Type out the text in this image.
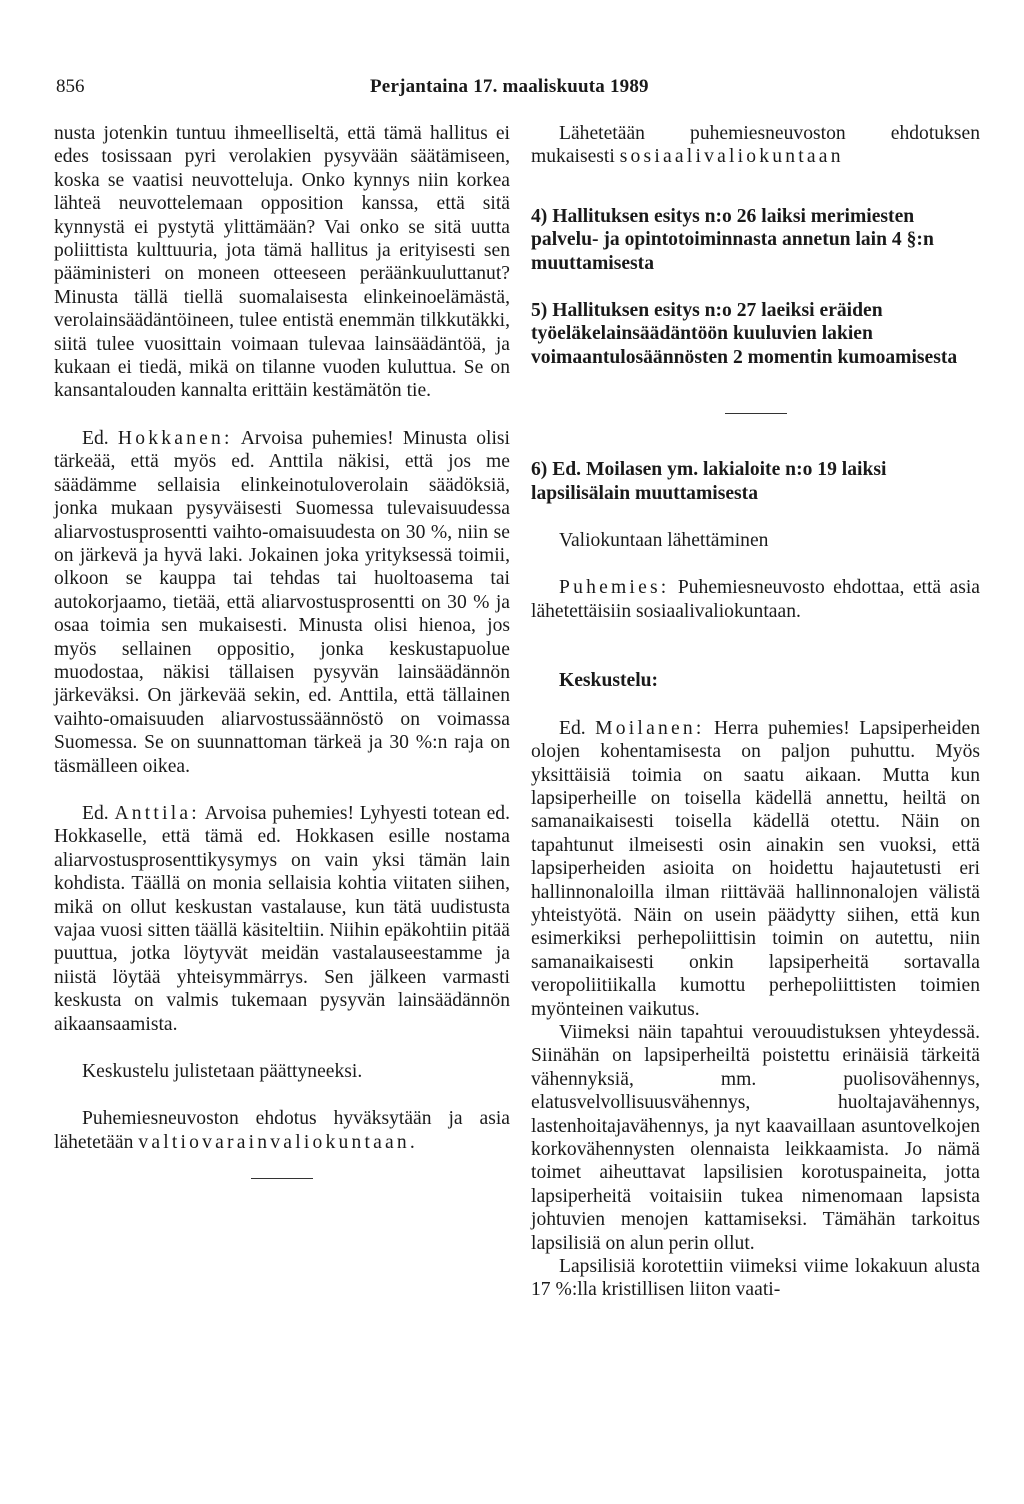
856	Perjantaina 17. maaliskuuta 1989

nusta jotenkin tuntuu ihmeelliseltä, että tämä hallitus ei edes tosissaan pyri verolakien pysyvään säätämiseen, koska se vaatisi neuvotteluja. Onko kynnys niin korkea lähteä neuvottelemaan opposition kanssa, että sitä kynnystä ei pystytä ylittämään? Vai onko se sitä uutta poliittista kulttuuria, jota tämä hallitus ja erityisesti sen pääministeri on moneen otteeseen peräänkuuluttanut? Minusta tällä tiellä suomalaisesta elinkeinoelämästä, verolainsäädäntöineen, tulee entistä enemmän tilkkutäkki, siitä tulee vuosittain voimaan tulevaa lainsäädäntöä, ja kukaan ei tiedä, mikä on tilanne vuoden kuluttua. Se on kansantalouden kannalta erittäin kestämätön tie.

Ed. Hokkanen: Arvoisa puhemies! Minusta olisi tärkeää, että myös ed. Anttila näkisi, että jos me säädämme sellaisia elinkeinotuloverolain säädöksiä, jonka mukaan pysyväisesti Suomessa tulevaisuudessa aliarvostusprosentti vaihto-omaisuudesta on 30 %, niin se on järkevä ja hyvä laki. Jokainen joka yrityksessä toimii, olkoon se kauppa tai tehdas tai huoltoasema tai autokorjaamo, tietää, että aliarvostusprosentti on 30 % ja osaa toimia sen mukaisesti. Minusta olisi hienoa, jos myös sellainen oppositio, jonka keskustapuolue muodostaa, näkisi tällaisen pysyvän lainsäädännön järkeväksi. On järkevää sekin, ed. Anttila, että tällainen vaihto-omaisuuden aliarvostussäännöstö on voimassa Suomessa. Se on suunnattoman tärkeä ja 30 %:n raja on täsmälleen oikea.

Ed. Anttila: Arvoisa puhemies! Lyhyesti totean ed. Hokkaselle, että tämä ed. Hokkasen esille nostama aliarvostusprosenttikysymys on vain yksi tämän lain kohdista. Täällä on monia sellaisia kohtia viitaten siihen, mikä on ollut keskustan vastalause, kun tätä uudistusta vajaa vuosi sitten täällä käsiteltiin. Niihin epäkohtiin pitää puuttua, jotka löytyvät meidän vastalauseestamme ja niistä löytää yhteisymmärrys. Sen jälkeen varmasti keskusta on valmis tukemaan pysyvän lainsäädännön aikaansaamista.

Keskustelu julistetaan päättyneeksi.

Puhemiesneuvoston ehdotus hyväksytään ja asia lähetetään valtiovarainvaliokuntaan.

Lähetetään puhemiesneuvoston ehdotuksen mukaisesti sosiaalivaliokuntaan

4) Hallituksen esitys n:o 26 laiksi merimiesten palvelu- ja opintotoiminnasta annetun lain 4 §:n muuttamisesta

5) Hallituksen esitys n:o 27 laeiksi eräiden työeläkelainsäädäntöön kuuluvien lakien voimaantulosäännösten 2 momentin kumoamisesta

6) Ed. Moilasen ym. lakialoite n:o 19 laiksi lapsilisälain muuttamisesta

Valiokuntaan lähettäminen

Puhemies: Puhemiesneuvosto ehdottaa, että asia lähetettäisiin sosiaalivaliokuntaan.

Keskustelu:

Ed. Moilanen: Herra puhemies! Lapsiperheiden olojen kohentamisesta on paljon puhuttu. Myös yksittäisiä toimia on saatu aikaan. Mutta kun lapsiperheille on toisella kädellä annettu, heiltä on samanaikaisesti toisella kädellä otettu. Näin on tapahtunut ilmeisesti osin ainakin sen vuoksi, että lapsiperheiden asioita on hoidettu hajautetusti eri hallinnonaloilla ilman riittävää hallinnonalojen välistä yhteistyötä. Näin on usein päädytty siihen, että kun esimerkiksi perhepoliittisin toimin on autettu, niin samanaikaisesti onkin lapsiperheitä sortavalla veropoliitiikalla kumottu perhepoliittisten toimien myönteinen vaikutus.

Viimeksi näin tapahtui verouudistuksen yhteydessä. Siinähän on lapsiperheiltä poistettu erinäisiä tärkeitä vähennyksiä, mm. puolisovähennys, elatusvelvollisuusvähennys, huoltajavähennys, lastenhoitajavähennys, ja nyt kaavaillaan asuntovelkojen korkovähennysten olennaista leikkaamista. Jo nämä toimet aiheuttavat lapsilisien korotuspaineita, jotta lapsiperheitä voitaisiin tukea nimenomaan lapsista johtuvien menojen kattamiseksi. Tämähän tarkoitus lapsilisiä on alun perin ollut.

Lapsilisiä korotettiin viimeksi viime lokakuun alusta 17 %:lla kristillisen liiton vaati-
